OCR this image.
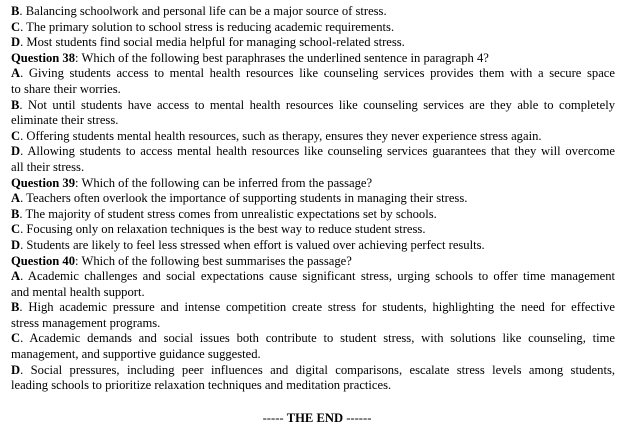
B. Balancing schoolwork and personal life can be a major source of stress.
C. The primary solution to school stress is reducing academic requirements.
D. Most students find social media helpful for managing school-related stress.
Question 38: Which of the following best paraphrases the underlined sentence in paragraph 4?
A. Giving students access to mental health resources like counseling services provides them with a secure space
to share their worries.
B. Not until students have access to mental health resources like counseling services are they able to completely
eliminate their stress.
C. Offering students mental health resources, such as therapy, ensures they never experience stress again.
D. Allowing students to access mental health resources like counseling services guarantees that they will overcome
all their stress.
Question 39: Which of the following can be inferred from the passage?
A. Teachers often overlook the importance of supporting students in managing their stress.
B. The majority of student stress comes from unrealistic expectations set by schools.
C. Focusing only on relaxation techniques is the best way to reduce student stress.
D. Students are likely to feel less stressed when effort is valued over achieving perfect results.
Question 40: Which of the following best summarises the passage?
A. Academic challenges and social expectations cause significant stress, urging schools to offer time management
and mental health support.
B. High academic pressure and intense competition create stress for students, highlighting the need for effective
stress management programs.
C. Academic demands and social issues both contribute to student stress, with solutions like counseling, time
management, and supportive guidance suggested.
D. Social pressures, including peer influences and digital comparisons, escalate stress levels among students,
leading schools to prioritize relaxation techniques and meditation practices.
----- THE END ------
